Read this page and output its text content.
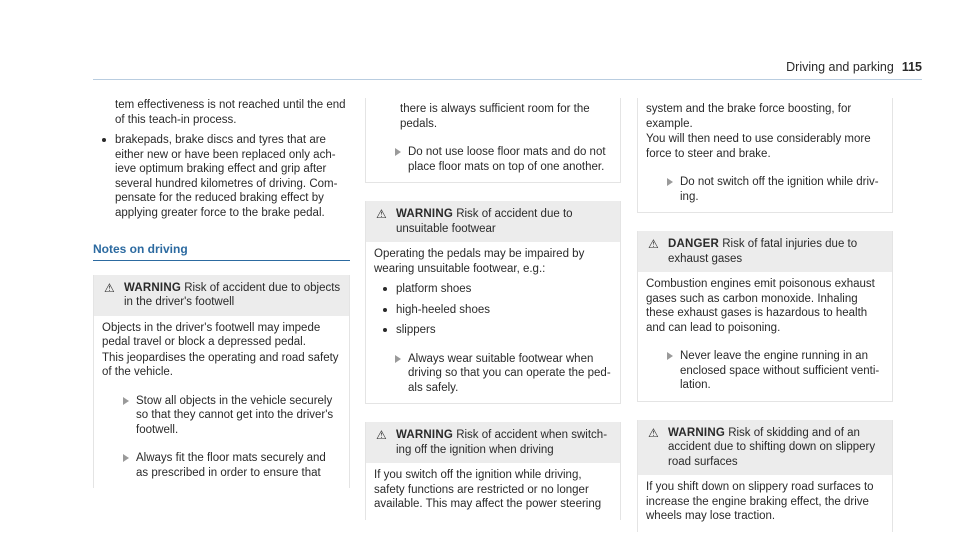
Driving and parking 115

tem effectiveness is not reached until the end of this teach-in process.

brakepads, brake discs and tyres that are either new or have been replaced only achieve optimum braking effect and grip after several hundred kilometres of driving. Compensate for the reduced braking effect by applying greater force to the brake pedal.
Notes on driving
⚠ WARNING Risk of accident due to objects in the driver's footwell

Objects in the driver's footwell may impede pedal travel or block a depressed pedal.

This jeopardises the operating and road safety of the vehicle.

Stow all objects in the vehicle securely so that they cannot get into the driver's footwell.
Always fit the floor mats securely and as prescribed in order to ensure that

there is always sufficient room for the pedals.

Do not use loose floor mats and do not place floor mats on top of one another.
⚠ WARNING Risk of accident due to unsuitable footwear

Operating the pedals may be impaired by wearing unsuitable footwear, e.g.:

platform shoes
high-heeled shoes
slippers
Always wear suitable footwear when driving so that you can operate the pedals safely.
⚠ WARNING Risk of accident when switching off the ignition when driving

If you switch off the ignition while driving, safety functions are restricted or no longer available. This may affect the power steering

system and the brake force boosting, for example.

You will then need to use considerably more force to steer and brake.

Do not switch off the ignition while driving.
⚠ DANGER Risk of fatal injuries due to exhaust gases

Combustion engines emit poisonous exhaust gases such as carbon monoxide. Inhaling these exhaust gases is hazardous to health and can lead to poisoning.

Never leave the engine running in an enclosed space without sufficient ventilation.
⚠ WARNING Risk of skidding and of an accident due to shifting down on slippery road surfaces

If you shift down on slippery road surfaces to increase the engine braking effect, the drive wheels may lose traction.
